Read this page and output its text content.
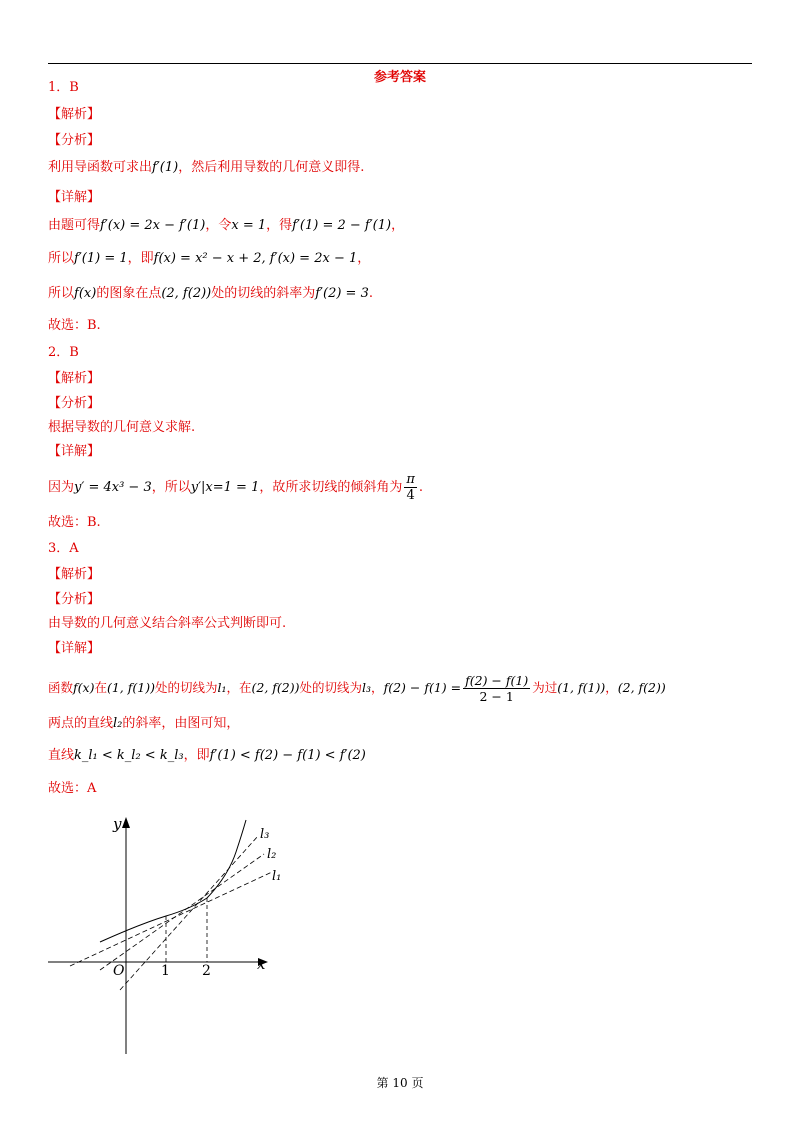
参考答案
1．B
【解析】
【分析】
利用导函数可求出f′(1)，然后利用导数的几何意义即得.
【详解】
由题可得f′(x) = 2x − f′(1)，令x = 1，得f′(1) = 2 − f′(1)，
所以f′(1) = 1，即f(x) = x² − x + 2, f′(x) = 2x − 1，
所以f(x)的图象在点(2, f(2))处的切线的斜率为f′(2) = 3.
故选：B.
2．B
【解析】
【分析】
根据导数的几何意义求解.
【详解】
因为y′ = 4x³ − 3，所以y′|x=1 = 1，故所求切线的倾斜角为 $\frac{\pi}{4}$ .
故选：B.
3．A
【解析】
【分析】
由导数的几何意义结合斜率公式判断即可.
【详解】
函数f(x)在(1, f(1))处的切线为l₁，在(2, f(2))处的切线为l₃，$f(2) - f(1) = \frac{f(2) - f(1)}{2 - 1}$ 为过(1, f(1))，(2, f(2))
两点的直线l₂的斜率，由图可知，
直线k_l₁ < k_l₂ < k_l₃，即f′(1) < f(2) − f(1) < f′(2)
故选：A
y
x
O	1 2
l₃
l₂
l₁
第 10 页
